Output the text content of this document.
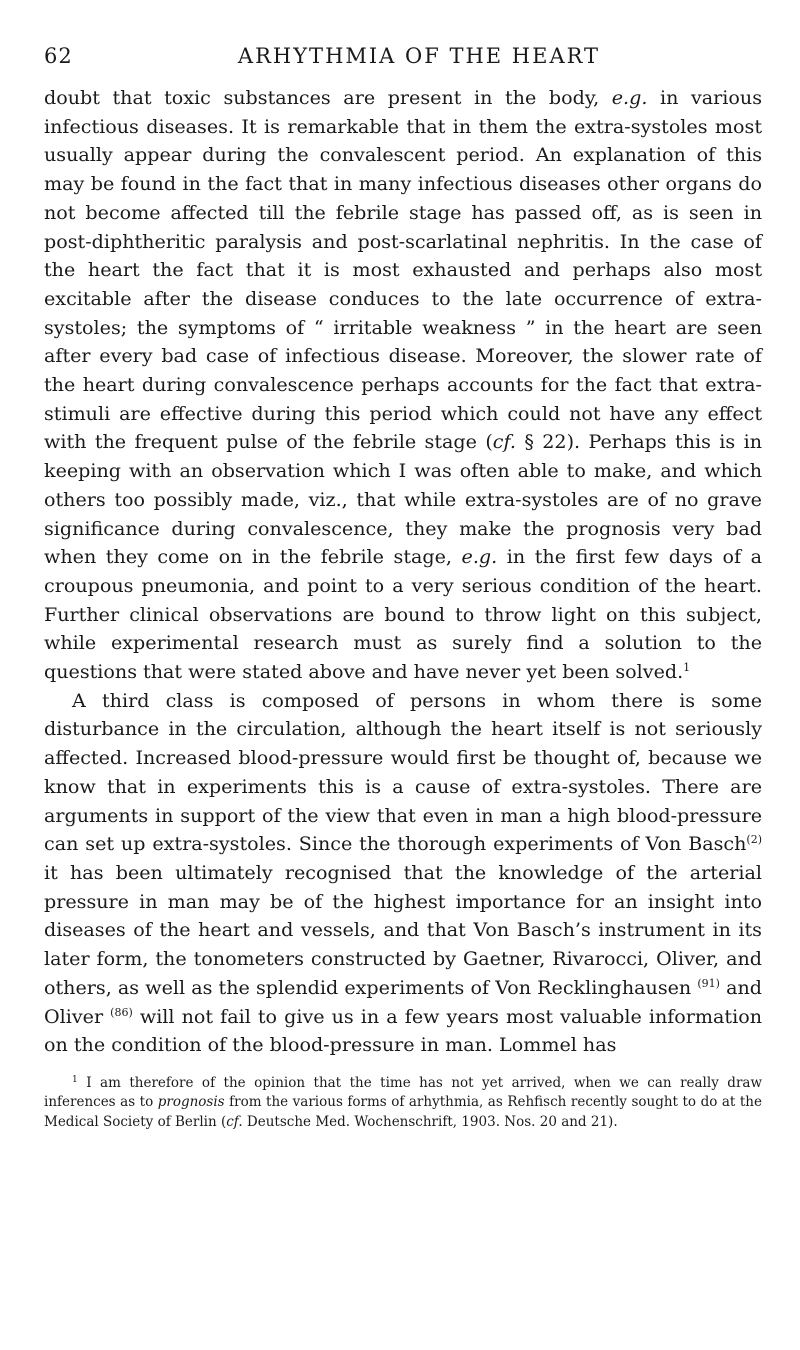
62	ARHYTHMIA OF THE HEART

doubt that toxic substances are present in the body, e.g. in various infectious diseases. It is remarkable that in them the extra-systoles most usually appear during the convalescent period. An explanation of this may be found in the fact that in many infectious diseases other organs do not become affected till the febrile stage has passed off, as is seen in post-diphtheritic paralysis and post-scarlatinal nephritis. In the case of the heart the fact that it is most exhausted and perhaps also most excitable after the disease conduces to the late occurrence of extra-systoles; the symptoms of “ irritable weakness ” in the heart are seen after every bad case of infectious disease. Moreover, the slower rate of the heart during convalescence perhaps accounts for the fact that extra-stimuli are effective during this period which could not have any effect with the frequent pulse of the febrile stage (cf. § 22). Perhaps this is in keeping with an observation which I was often able to make, and which others too possibly made, viz., that while extra-systoles are of no grave significance during convalescence, they make the prognosis very bad when they come on in the febrile stage, e.g. in the first few days of a croupous pneumonia, and point to a very serious condition of the heart. Further clinical observations are bound to throw light on this subject, while experimental research must as surely find a solution to the questions that were stated above and have never yet been solved.$^1$

A third class is composed of persons in whom there is some disturbance in the circulation, although the heart itself is not seriously affected. Increased blood-pressure would first be thought of, because we know that in experiments this is a cause of extra-systoles. There are arguments in support of the view that even in man a high blood-pressure can set up extra-systoles. Since the thorough experiments of Von Basch$^{(2)}$ it has been ultimately recognised that the knowledge of the arterial pressure in man may be of the highest importance for an insight into diseases of the heart and vessels, and that Von Basch’s instrument in its later form, the tonometers constructed by Gaetner, Rivarocci, Oliver, and others, as well as the splendid experiments of Von Recklinghausen $^{(91)}$ and Oliver $^{(86)}$ will not fail to give us in a few years most valuable information on the condition of the blood-pressure in man. Lommel has

$^1$ I am therefore of the opinion that the time has not yet arrived, when we can really draw inferences as to prognosis from the various forms of arhythmia, as Rehfisch recently sought to do at the Medical Society of Berlin (cf. Deutsche Med. Wochenschrift, 1903. Nos. 20 and 21).
